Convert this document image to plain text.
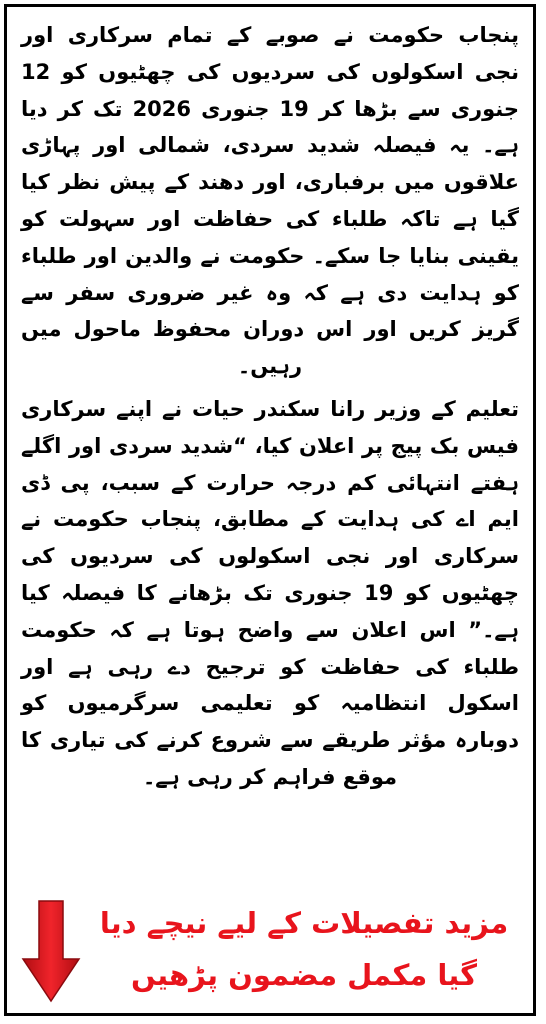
پنجاب حکومت نے صوبے کے تمام سرکاری اور نجی اسکولوں کی سردیوں کی چھٹیوں کو 12 جنوری سے بڑھا کر 19 جنوری 2026 تک کر دیا ہے۔ یہ فیصلہ شدید سردی، شمالی اور پہاڑی علاقوں میں برفباری، اور دھند کے پیش نظر کیا گیا ہے تاکہ طلباء کی حفاظت اور سہولت کو یقینی بنایا جا سکے۔ حکومت نے والدین اور طلباء کو ہدایت دی ہے کہ وہ غیر ضروری سفر سے گریز کریں اور اس دوران محفوظ ماحول میں رہیں۔

تعلیم کے وزیر رانا سکندر حیات نے اپنے سرکاری فیس بک پیج پر اعلان کیا، “شدید سردی اور اگلے ہفتے انتہائی کم درجہ حرارت کے سبب، پی ڈی ایم اے کی ہدایت کے مطابق، پنجاب حکومت نے سرکاری اور نجی اسکولوں کی سردیوں کی چھٹیوں کو 19 جنوری تک بڑھانے کا فیصلہ کیا ہے۔” اس اعلان سے واضح ہوتا ہے کہ حکومت طلباء کی حفاظت کو ترجیح دے رہی ہے اور اسکول انتظامیہ کو تعلیمی سرگرمیوں کو دوبارہ مؤثر طریقے سے شروع کرنے کی تیاری کا موقع فراہم کر رہی ہے۔

مزید تفصیلات کے لیے نیچے دیا
گیا مکمل مضمون پڑھیں
